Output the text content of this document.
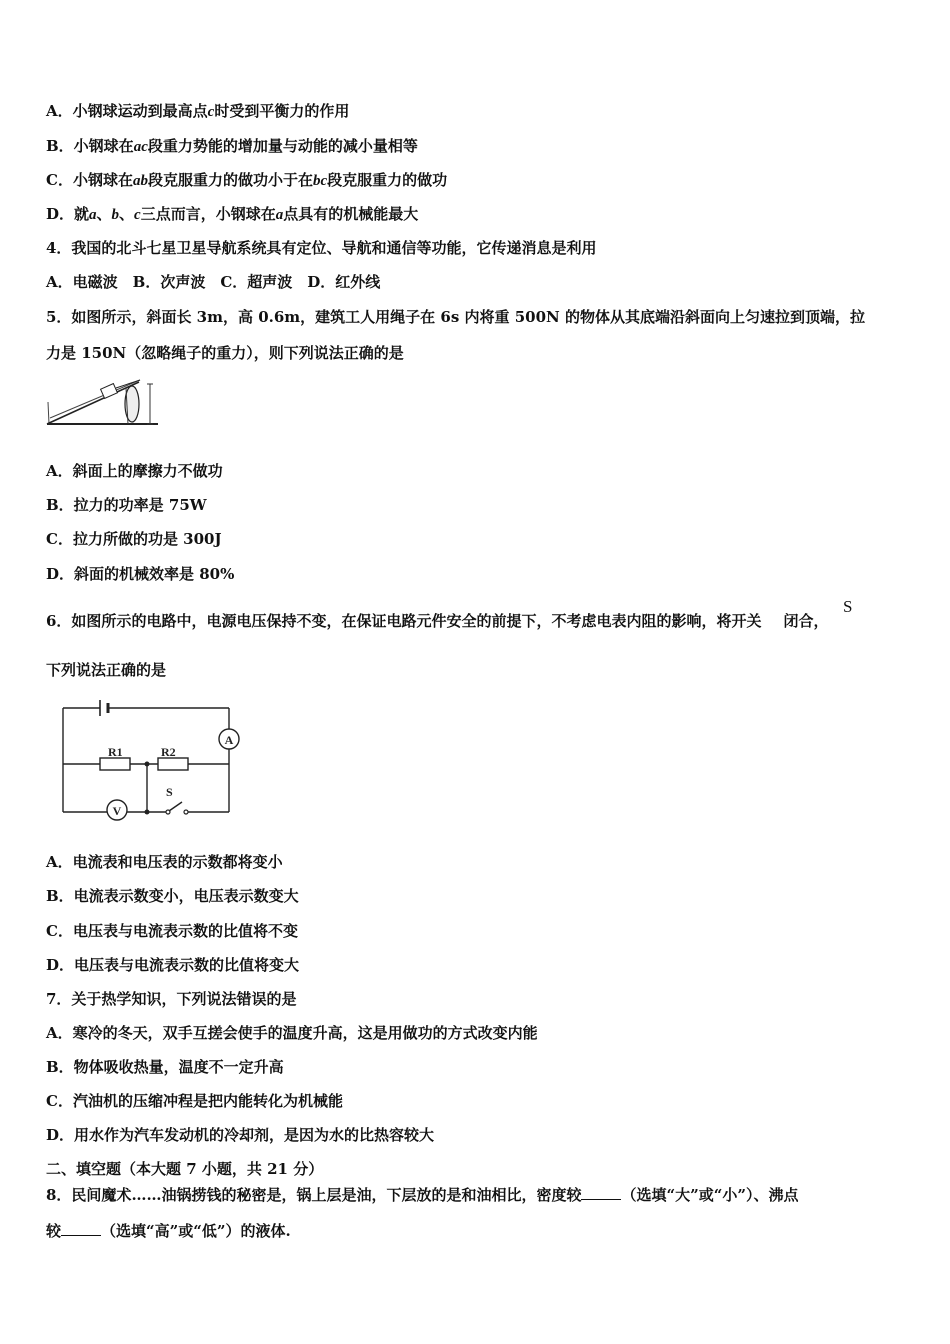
A．小钢球运动到最高点c时受到平衡力的作用
B．小钢球在ac段重力势能的增加量与动能的减小量相等
C．小钢球在ab段克服重力的做功小于在bc段克服重力的做功
D．就a、b、c三点而言，小钢球在a点具有的机械能最大
4．我国的北斗七星卫星导航系统具有定位、导航和通信等功能，它传递消息是利用
A．电磁波　B．次声波　C．超声波　D．红外线
5．如图所示，斜面长 3m，高 0.6m，建筑工人用绳子在 6s 内将重 500N 的物体从其底端沿斜面向上匀速拉到顶端，拉
力是 150N（忽略绳子的重力），则下列说法正确的是
A．斜面上的摩擦力不做功
B．拉力的功率是 75W
C．拉力所做的功是 300J
D．斜面的机械效率是 80%
6．如图所示的电路中，电源电压保持不变，在保证电路元件安全的前提下，不考虑电表内阻的影响，将开关 闭合，
S
下列说法正确的是
A
R1	R2
V
S
A．电流表和电压表的示数都将变小
B．电流表示数变小，电压表示数变大
C．电压表与电流表示数的比值将不变
D．电压表与电流表示数的比值将变大
7．关于热学知识，下列说法错误的是
A．寒冷的冬天，双手互搓会使手的温度升高，这是用做功的方式改变内能
B．物体吸收热量，温度不一定升高
C．汽油机的压缩冲程是把内能转化为机械能
D．用水作为汽车发动机的冷却剂，是因为水的比热容较大
二、填空题（本大题 7 小题，共 21 分）
8．民间魔术……油锅捞钱的秘密是，锅上层是油，下层放的是和油相比，密度较	（选填“大”或“小”）、沸点
较	（选填“高”或“低”）的液体.
